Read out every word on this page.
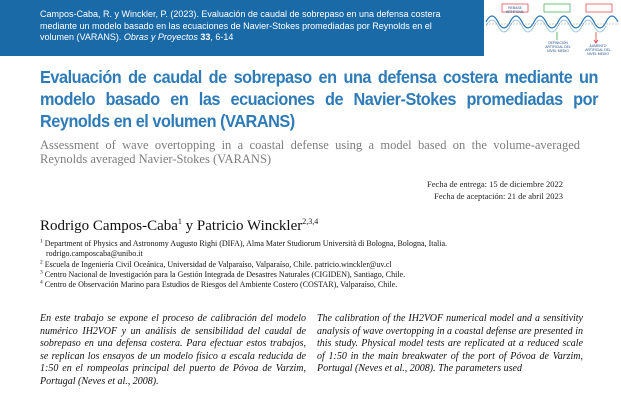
Campos-Caba, R. y Winckler, P. (2023). Evaluación de caudal de sobrepaso en una defensa costera
mediante un modelo basado en las ecuaciones de Navier-Stokes promediadas por Reynolds en el
volumen (VARANS). Obras y Proyectos 33, 6-14
REBASE ARTIFICIAL
DEFINICIÓN ARTIFICIAL DEL NIVEL MEDIO
AUMENTO ARTIFICIAL DEL NIVEL MEDIO
Evaluación de caudal de sobrepaso en una defensa costera mediante un modelo basado en las ecuaciones de Navier-Stokes promediadas por Reynolds en el volumen (VARANS)
Assessment of wave overtopping in a coastal defense using a model based on the volume-averaged Reynolds averaged Navier-Stokes (VARANS)
Fecha de entrega: 15 de diciembre 2022
Fecha de aceptación: 21 de abril 2023
Rodrigo Campos-Caba$^1$ y Patricio Winckler$^{2,3,4}$
$^1$ Department of Physics and Astronomy Augusto Righi (DIFA), Alma Mater Studiorum Università di Bologna, Bologna, Italia.
rodrigo.camposcaba@unibo.it
$^2$ Escuela de Ingeniería Civil Oceánica, Universidad de Valparaíso, Valparaíso, Chile. patricio.winckler@uv.cl
$^3$ Centro Nacional de Investigación para la Gestión Integrada de Desastres Naturales (CIGIDEN), Santiago, Chile.
$^4$ Centro de Observación Marino para Estudios de Riesgos del Ambiente Costero (COSTAR), Valparaíso, Chile.
En este trabajo se expone el proceso de calibración del modelo numérico IH2VOF y un análisis de sensibilidad del caudal de sobrepaso en una defensa costera. Para efectuar estos trabajos, se replican los ensayos de un modelo físico a escala reducida de 1:50 en el rompeolas principal del puerto de Póvoa de Varzim, Portugal (Neves et al., 2008).
The calibration of the IH2VOF numerical model and a sensitivity analysis of wave overtopping in a coastal defense are presented in this study. Physical model tests are replicated at a reduced scale of 1:50 in the main breakwater of the port of Póvoa de Varzim, Portugal (Neves et al., 2008). The parameters used
